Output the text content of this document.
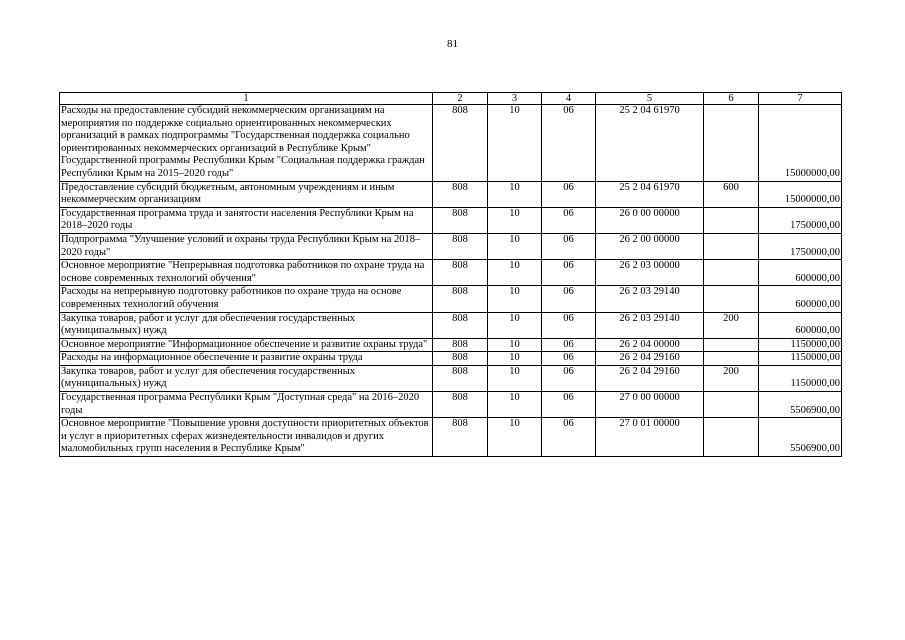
81
1	2	3	4	5	6	7
Расходы на предоставление субсидий некоммерческим организациям на мероприятия по поддержке социально ориентированных некоммерческих организаций в рамках подпрограммы "Государственная поддержка социально ориентированных некоммерческих организаций в Республике Крым" Государственной программы Республики Крым "Социальная поддержка граждан Республики Крым на 2015–2020 годы"	808	10	06	25 2 04 61970		15000000,00
Предоставление субсидий бюджетным, автономным учреждениям и иным некоммерческим организациям	808	10	06	25 2 04 61970	600	15000000,00
Государственная программа труда и занятости населения Республики Крым на 2018–2020 годы	808	10	06	26 0 00 00000		1750000,00
Подпрограмма "Улучшение условий и охраны труда Республики Крым на 2018–2020 годы"	808	10	06	26 2 00 00000		1750000,00
Основное мероприятие "Непрерывная подготовка работников по охране труда на основе современных технологий обучения"	808	10	06	26 2 03 00000		600000,00
Расходы на непрерывную подготовку работников по охране труда на основе современных технологий обучения	808	10	06	26 2 03 29140		600000,00
Закупка товаров, работ и услуг для обеспечения государственных (муниципальных) нужд	808	10	06	26 2 03 29140	200	600000,00
Основное мероприятие "Информационное обеспечение и развитие охраны труда"	808	10	06	26 2 04 00000		1150000,00
Расходы на информационное обеспечение и развитие охраны труда	808	10	06	26 2 04 29160		1150000,00
Закупка товаров, работ и услуг для обеспечения государственных (муниципальных) нужд	808	10	06	26 2 04 29160	200	1150000,00
Государственная программа Республики Крым "Доступная среда" на 2016–2020 годы	808	10	06	27 0 00 00000		5506900,00
Основное мероприятие "Повышение уровня доступности приоритетных объектов и услуг в приоритетных сферах жизнедеятельности инвалидов и других маломобильных групп населения в Республике Крым"	808	10	06	27 0 01 00000		5506900,00
